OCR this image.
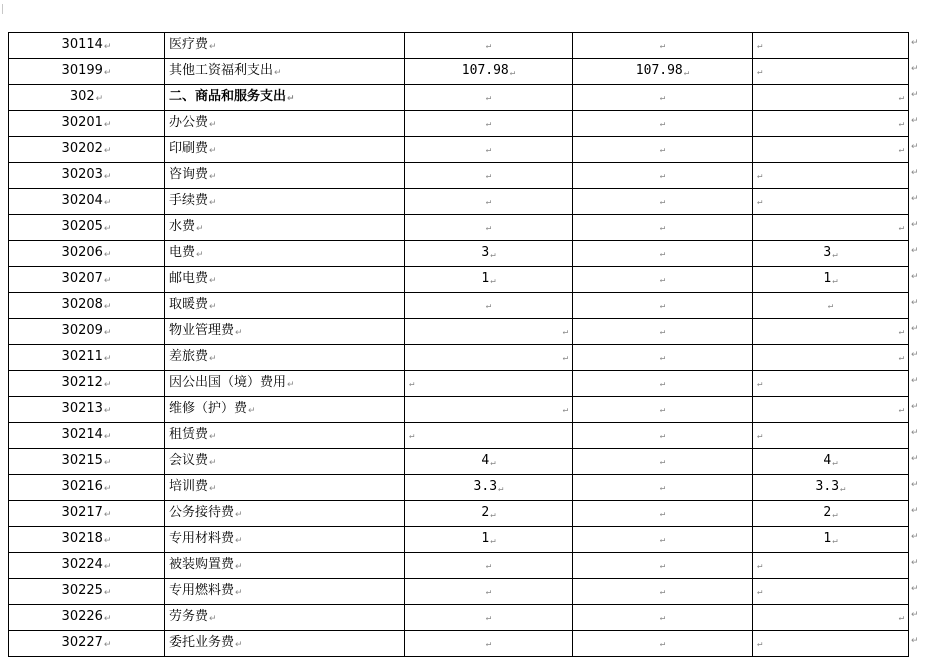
30114↵	医疗费↵	↵	↵	↵
30199↵	其他工资福利支出↵	107.98↵	107.98↵	↵
302↵	二、商品和服务支出↵	↵	↵	↵
30201↵	办公费↵	↵	↵	↵
30202↵	印刷费↵	↵	↵	↵
30203↵	咨询费↵	↵	↵	↵
30204↵	手续费↵	↵	↵	↵
30205↵	水费↵	↵	↵	↵
30206↵	电费↵	3↵	↵	3↵
30207↵	邮电费↵	1↵	↵	1↵
30208↵	取暖费↵	↵	↵	↵
30209↵	物业管理费↵	↵	↵	↵
30211↵	差旅费↵	↵	↵	↵
30212↵	因公出国（境）费用↵	↵	↵	↵
30213↵	维修（护）费↵	↵	↵	↵
30214↵	租赁费↵	↵	↵	↵
30215↵	会议费↵	4↵	↵	4↵
30216↵	培训费↵	3.3↵	↵	3.3↵
30217↵	公务接待费↵	2↵	↵	2↵
30218↵	专用材料费↵	1↵	↵	1↵
30224↵	被装购置费↵	↵	↵	↵
30225↵	专用燃料费↵	↵	↵	↵
30226↵	劳务费↵	↵	↵	↵
30227↵	委托业务费↵	↵	↵	↵
↵
↵
↵
↵
↵
↵
↵
↵
↵
↵
↵
↵
↵
↵
↵
↵
↵
↵
↵
↵
↵
↵
↵
↵
